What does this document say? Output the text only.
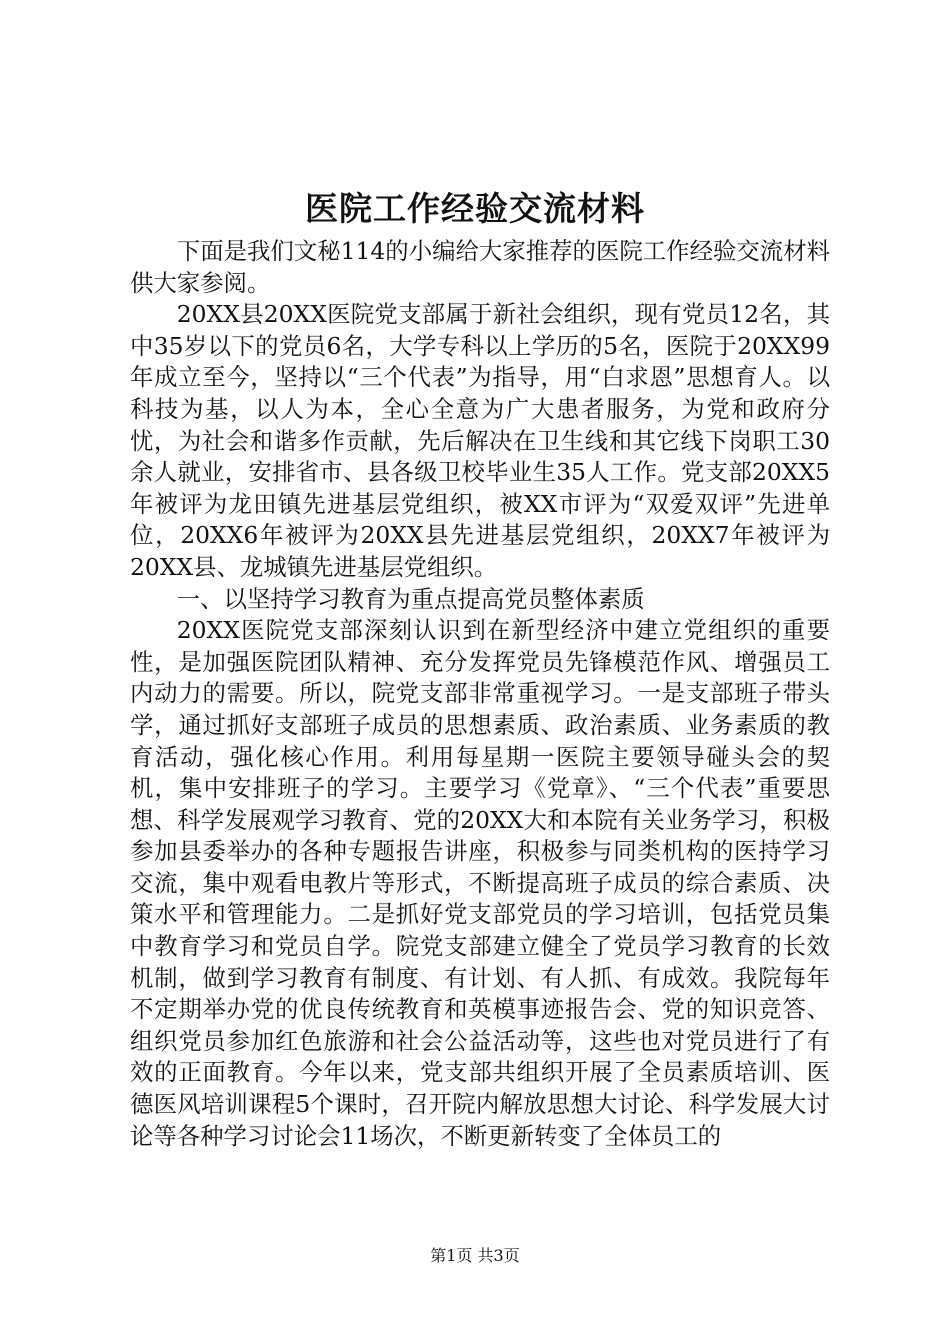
医院工作经验交流材料

下面是我们文秘114的小编给大家推荐的医院工作经验交流材料供大家参阅。

20XX县20XX医院党支部属于新社会组织，现有党员12名，其中35岁以下的党员6名，大学专科以上学历的5名，医院于20XX99年成立至今，坚持以“三个代表”为指导，用“白求恩”思想育人。以科技为基，以人为本，全心全意为广大患者服务，为党和政府分忧，为社会和谐多作贡献，先后解决在卫生线和其它线下岗职工30余人就业，安排省市、县各级卫校毕业生35人工作。党支部20XX5年被评为龙田镇先进基层党组织，被XX市评为“双爱双评”先进单位，20XX6年被评为20XX县先进基层党组织，20XX7年被评为20XX县、龙城镇先进基层党组织。

一、以坚持学习教育为重点提高党员整体素质

20XX医院党支部深刻认识到在新型经济中建立党组织的重要性，是加强医院团队精神、充分发挥党员先锋模范作风、增强员工内动力的需要。所以，院党支部非常重视学习。一是支部班子带头学，通过抓好支部班子成员的思想素质、政治素质、业务素质的教育活动，强化核心作用。利用每星期一医院主要领导碰头会的契机，集中安排班子的学习。主要学习《党章》、“三个代表”重要思想、科学发展观学习教育、党的20XX大和本院有关业务学习，积极参加县委举办的各种专题报告讲座，积极参与同类机构的医持学习交流，集中观看电教片等形式，不断提高班子成员的综合素质、决策水平和管理能力。二是抓好党支部党员的学习培训，包括党员集中教育学习和党员自学。院党支部建立健全了党员学习教育的长效机制，做到学习教育有制度、有计划、有人抓、有成效。我院每年不定期举办党的优良传统教育和英模事迹报告会、党的知识竞答、组织党员参加红色旅游和社会公益活动等，这些也对党员进行了有效的正面教育。今年以来，党支部共组织开展了全员素质培训、医德医风培训课程5个课时，召开院内解放思想大讨论、科学发展大讨论等各种学习讨论会11场次，不断更新转变了全体员工的

第1页 共3页
